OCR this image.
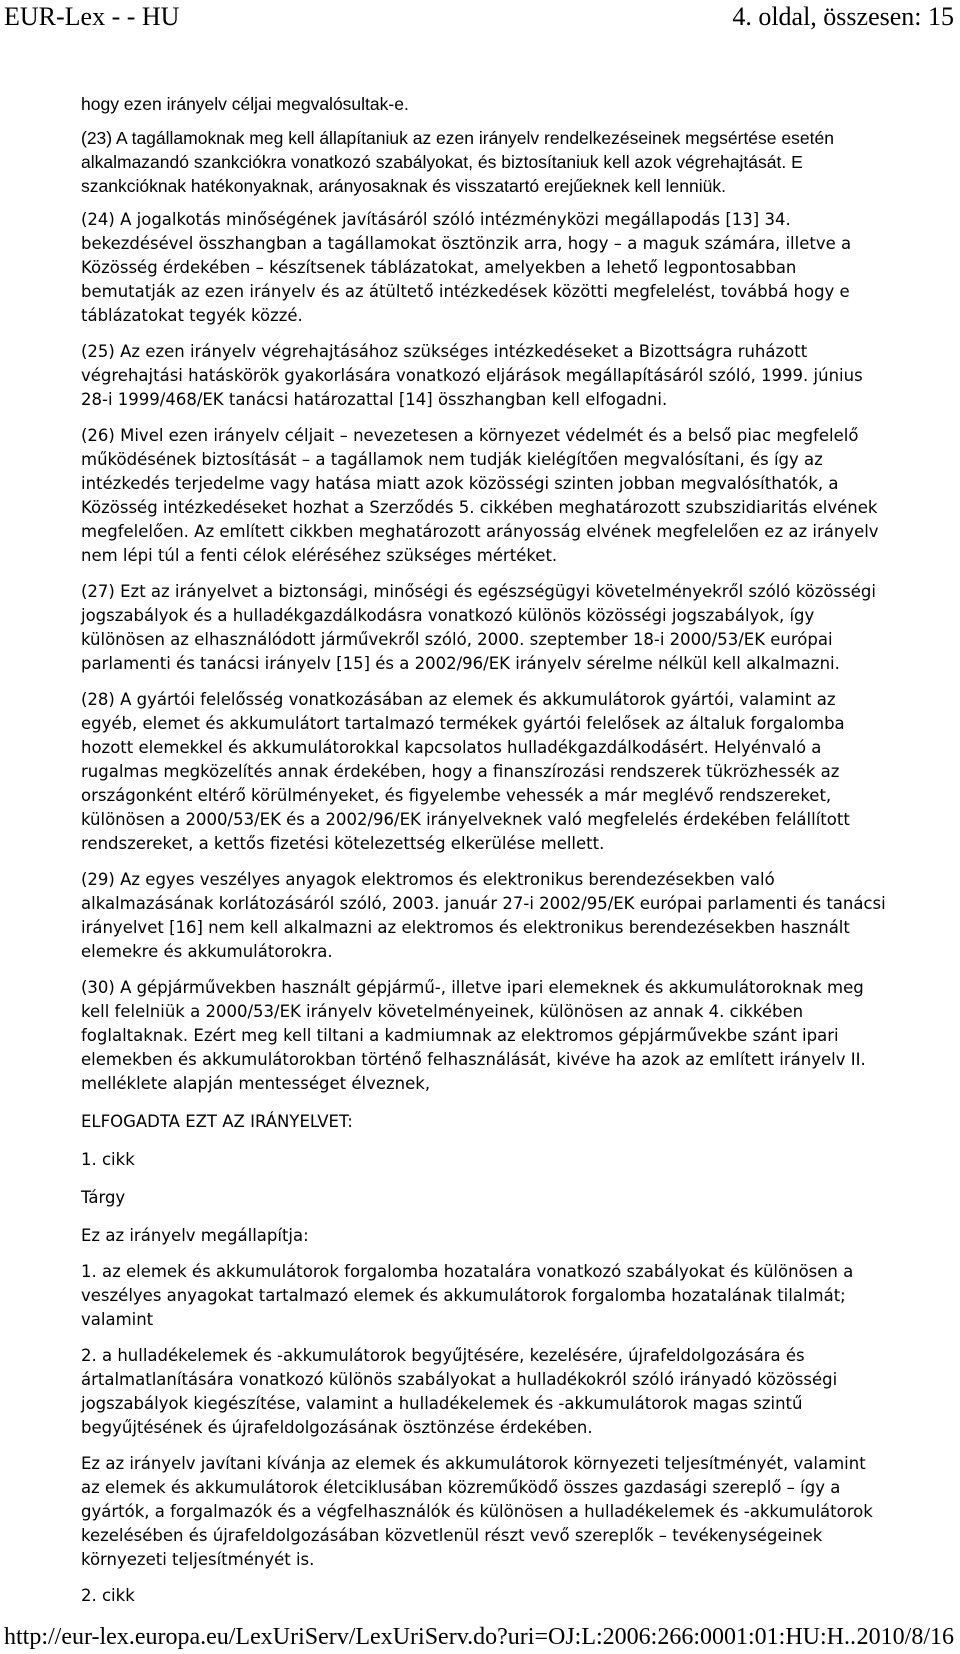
EUR-Lex - - HU	4. oldal, összesen: 15

hogy ezen irányelv céljai megvalósultak-e.

(23) A tagállamoknak meg kell állapítaniuk az ezen irányelv rendelkezéseinek megsértése esetén alkalmazandó szankciókra vonatkozó szabályokat, és biztosítaniuk kell azok végrehajtását. E szankcióknak hatékonyaknak, arányosaknak és visszatartó erejűeknek kell lenniük.

(24) A jogalkotás minőségének javításáról szóló intézményközi megállapodás [13] 34.

bekezdésével összhangban a tagállamokat ösztönzik arra, hogy – a maguk számára, illetve a Közösség érdekében – készítsenek táblázatokat, amelyekben a lehető legpontosabban bemutatják az ezen irányelv és az átültető intézkedések közötti megfelelést, továbbá hogy e táblázatokat tegyék közzé.

(25) Az ezen irányelv végrehajtásához szükséges intézkedéseket a Bizottságra ruházott végrehajtási hatáskörök gyakorlására vonatkozó eljárások megállapításáról szóló, 1999. június 28-i 1999/468/EK tanácsi határozattal [14] összhangban kell elfogadni.

(26) Mivel ezen irányelv céljait – nevezetesen a környezet védelmét és a belső piac megfelelő működésének biztosítását – a tagállamok nem tudják kielégítően megvalósítani, és így az intézkedés terjedelme vagy hatása miatt azok közösségi szinten jobban megvalósíthatók, a Közösség intézkedéseket hozhat a Szerződés 5. cikkében meghatározott szubszidiaritás elvének megfelelően. Az említett cikkben meghatározott arányosság elvének megfelelően ez az irányelv nem lépi túl a fenti célok eléréséhez szükséges mértéket.

(27) Ezt az irányelvet a biztonsági, minőségi és egészségügyi követelményekről szóló közösségi jogszabályok és a hulladékgazdálkodásra vonatkozó különös közösségi jogszabályok, így különösen az elhasználódott járművekről szóló, 2000. szeptember 18-i 2000/53/EK európai parlamenti és tanácsi irányelv [15] és a 2002/96/EK irányelv sérelme nélkül kell alkalmazni.

(28) A gyártói felelősség vonatkozásában az elemek és akkumulátorok gyártói, valamint az egyéb, elemet és akkumulátort tartalmazó termékek gyártói felelősek az általuk forgalomba hozott elemekkel és akkumulátorokkal kapcsolatos hulladékgazdálkodásért. Helyénvaló a rugalmas megközelítés annak érdekében, hogy a finanszírozási rendszerek tükrözhessék az országonként eltérő körülményeket, és figyelembe vehessék a már meglévő rendszereket, különösen a 2000/53/EK és a 2002/96/EK irányelveknek való megfelelés érdekében felállított rendszereket, a kettős fizetési kötelezettség elkerülése mellett.

(29) Az egyes veszélyes anyagok elektromos és elektronikus berendezésekben való alkalmazásának korlátozásáról szóló, 2003. január 27-i 2002/95/EK európai parlamenti és tanácsi irányelvet [16] nem kell alkalmazni az elektromos és elektronikus berendezésekben használt elemekre és akkumulátorokra.

(30) A gépjárművekben használt gépjármű-, illetve ipari elemeknek és akkumulátoroknak meg kell felelniük a 2000/53/EK irányelv követelményeinek, különösen az annak 4. cikkében foglaltaknak. Ezért meg kell tiltani a kadmiumnak az elektromos gépjárművekbe szánt ipari elemekben és akkumulátorokban történő felhasználását, kivéve ha azok az említett irányelv II. melléklete alapján mentességet élveznek,

ELFOGADTA EZT AZ IRÁNYELVET:

1. cikk

Tárgy

Ez az irányelv megállapítja:

1. az elemek és akkumulátorok forgalomba hozatalára vonatkozó szabályokat és különösen a veszélyes anyagokat tartalmazó elemek és akkumulátorok forgalomba hozatalának tilalmát; valamint

2. a hulladékelemek és -akkumulátorok begyűjtésére, kezelésére, újrafeldolgozására és ártalmatlanítására vonatkozó különös szabályokat a hulladékokról szóló irányadó közösségi jogszabályok kiegészítése, valamint a hulladékelemek és -akkumulátorok magas szintű begyűjtésének és újrafeldolgozásának ösztönzése érdekében.

Ez az irányelv javítani kívánja az elemek és akkumulátorok környezeti teljesítményét, valamint az elemek és akkumulátorok életciklusában közreműködő összes gazdasági szereplő – így a gyártók, a forgalmazók és a végfelhasználók és különösen a hulladékelemek és -akkumulátorok kezelésében és újrafeldolgozásában közvetlenül részt vevő szereplők – tevékenységeinek környezeti teljesítményét is.

2. cikk

http://eur-lex.europa.eu/LexUriServ/LexUriServ.do?uri=OJ:L:2006:266:0001:01:HU:H...
2010/8/16
